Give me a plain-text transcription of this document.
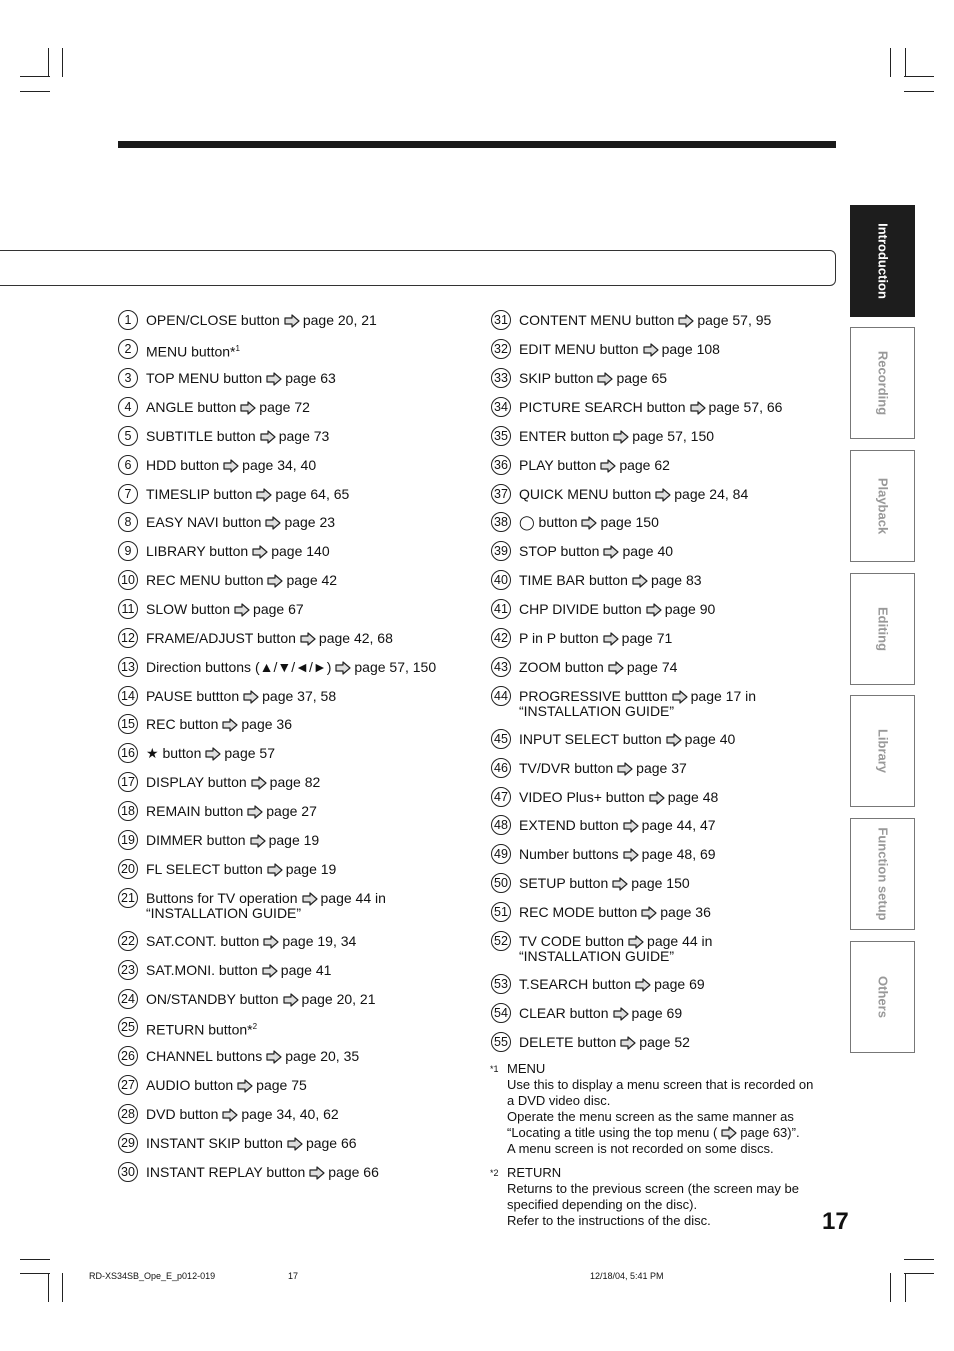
Introduction
Recording
Playback
Editing
Library
Function setup
Others
1	OPEN/CLOSE button page 20, 21
2	MENU button*$^1$
3	TOP MENU button page 63
4	ANGLE button page 72
5	SUBTITLE button page 73
6	HDD button page 34, 40
7	TIMESLIP button page 64, 65
8	EASY NAVI button page 23
9	LIBRARY button page 140
10 REC MENU button page 42
11 SLOW button page 67
12 FRAME/ADJUST button page 42, 68
13 Direction buttons (▲/▼/◄/►) page 57, 150
14 PAUSE buttton page 37, 58
15 REC button page 36
16 ★ button page 57
17 DISPLAY button page 82
18 REMAIN button page 27
19 DIMMER button page 19
20 FL SELECT button page 19
21 Buttons for TV operation page 44 in
“INSTALLATION GUIDE”
22 SAT.CONT. button page 19, 34
23 SAT.MONI. button page 41
24 ON/STANDBY button page 20, 21
25 RETURN button*$^2$
26 CHANNEL buttons page 20, 35
27 AUDIO button page 75
28 DVD button page 34, 40, 62
29 INSTANT SKIP button page 66
30 INSTANT REPLAY button page 66
31 CONTENT MENU button page 57, 95
32 EDIT MENU button page 108
33 SKIP button page 65
34 PICTURE SEARCH button page 57, 66
35 ENTER button page 57, 150
36 PLAY button page 62
37 QUICK MENU button page 24, 84
38 ◯ button page 150
39 STOP button page 40
40 TIME BAR button page 83
41 CHP DIVIDE button page 90
42 P in P button page 71
43 ZOOM button page 74
44 PROGRESSIVE buttton page 17 in
“INSTALLATION GUIDE”
45 INPUT SELECT button page 40
46 TV/DVR button page 37
47 VIDEO Plus+ button page 48
48 EXTEND button page 44, 47
49 Number buttons page 48, 69
50 SETUP button page 150
51 REC MODE button page 36
52 TV CODE button page 44 in
“INSTALLATION GUIDE”
53 T.SEARCH button page 69
54 CLEAR button page 69
55 DELETE button page 52
*1 MENU
Use this to display a menu screen that is recorded on
a DVD video disc.
Operate the menu screen as the same manner as
“Locating a title using the top menu ( page 63)”.
A menu screen is not recorded on some discs.
*2 RETURN
Returns to the previous screen (the screen may be
specified depending on the disc).
Refer to the instructions of the disc.	17
RD-XS34SB_Ope_E_p012-019	17	12/18/04, 5:41 PM
